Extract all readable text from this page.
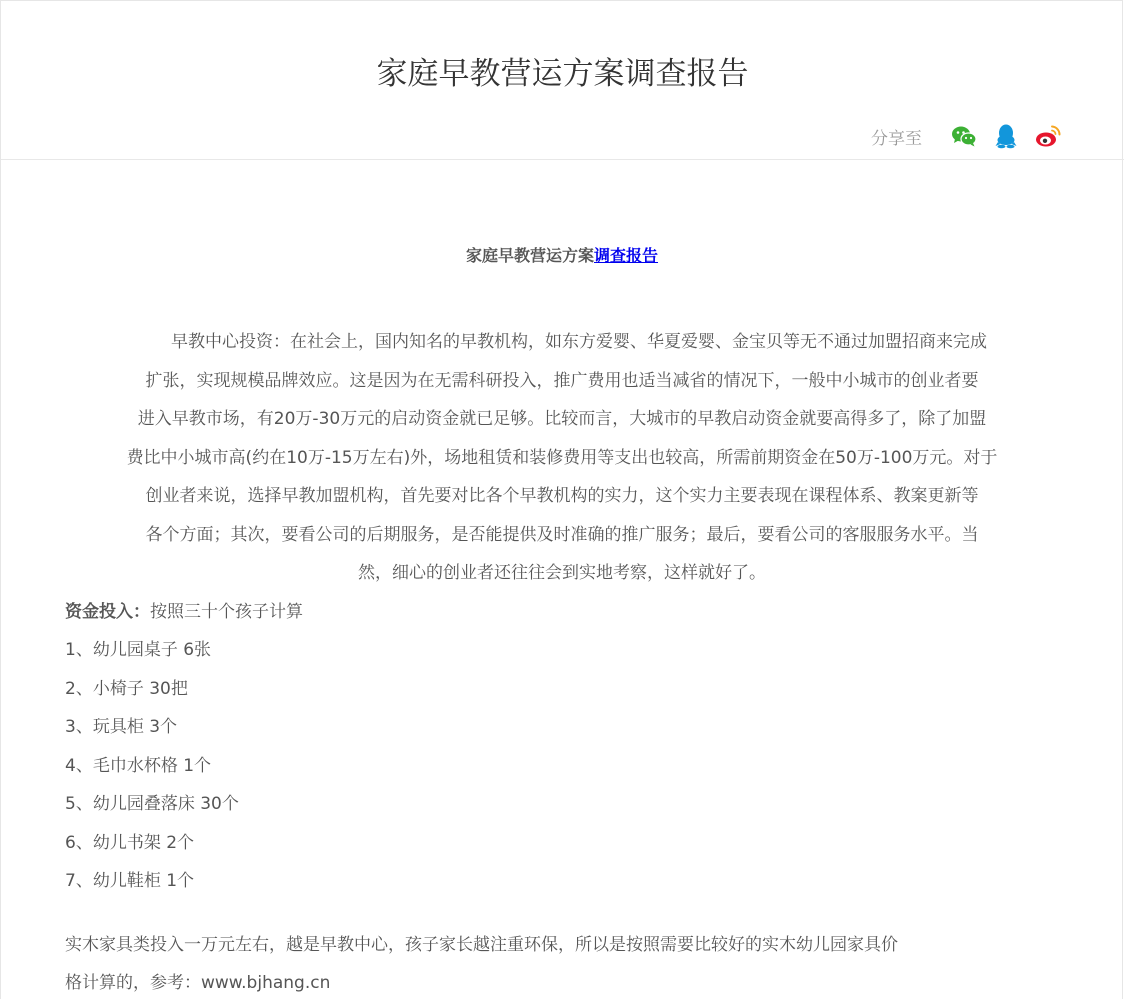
家庭早教营运方案调查报告
分享至

家庭早教营运方案调查报告

早教中心投资：在社会上，国内知名的早教机构，如东方爱婴、华夏爱婴、金宝贝等无不通过加盟招商来完成
扩张，实现规模品牌效应。这是因为在无需科研投入，推广费用也适当减省的情况下，一般中小城市的创业者要
进入早教市场，有20万-30万元的启动资金就已足够。比较而言，大城市的早教启动资金就要高得多了，除了加盟
费比中小城市高(约在10万-15万左右)外，场地租赁和装修费用等支出也较高，所需前期资金在50万-100万元。对于
创业者来说，选择早教加盟机构，首先要对比各个早教机构的实力，这个实力主要表现在课程体系、教案更新等
各个方面；其次，要看公司的后期服务，是否能提供及时准确的推广服务；最后，要看公司的客服服务水平。当
然，细心的创业者还往往会到实地考察，这样就好了。

资金投入：按照三十个孩子计算

1、幼儿园桌子 6张

2、小椅子 30把

3、玩具柜 3个

4、毛巾水杯格 1个

5、幼儿园叠落床 30个

6、幼儿书架 2个

7、幼儿鞋柜 1个

实木家具类投入一万元左右，越是早教中心，孩子家长越注重环保，所以是按照需要比较好的实木幼儿园家具价

格计算的，参考：www.bjhang.cn
